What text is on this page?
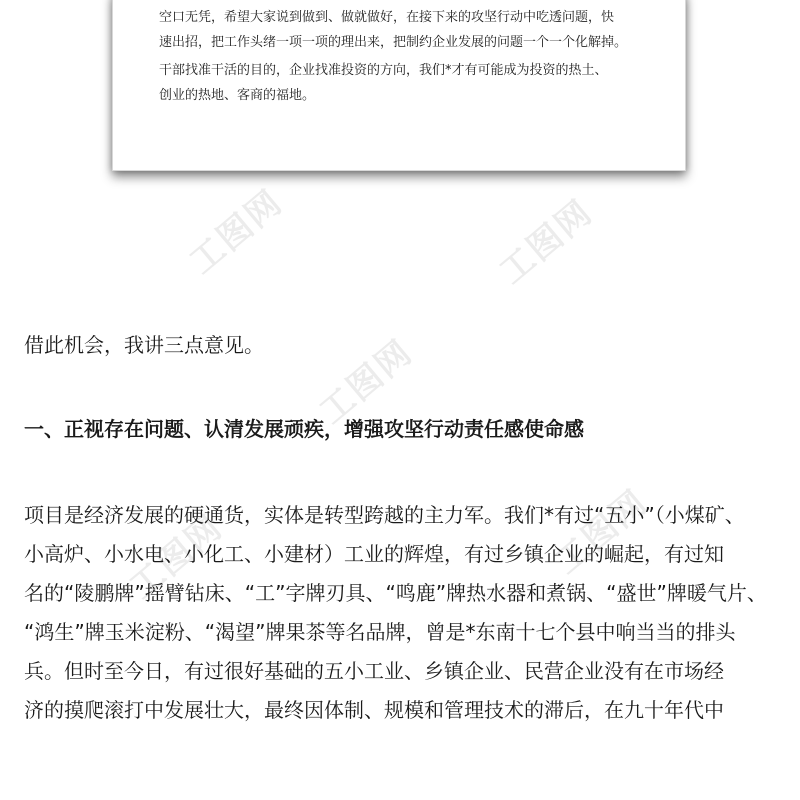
空口无凭，希望大家说到做到、做就做好，在接下来的攻坚行动中吃透问题，快

速出招，把工作头绪一项一项的理出来，把制约企业发展的问题一个一个化解掉。

干部找准干活的目的，企业找准投资的方向，我们*才有可能成为投资的热土、

创业的热地、客商的福地。

工图网	工图网
工图网
工图网	工图网

借此机会，我讲三点意见。

一、正视存在问题、认清发展顽疾，增强攻坚行动责任感使命感

项目是经济发展的硬通货，实体是转型跨越的主力军。我们*有过“五小”（小煤矿、
小高炉、小水电、小化工、小建材）工业的辉煌，有过乡镇企业的崛起，有过知
名的“陵鹏牌”摇臂钻床、“工”字牌刃具、“鸣鹿”牌热水器和煮锅、“盛世”牌暖气片、
“鸿生”牌玉米淀粉、“渴望”牌果茶等名品牌，曾是*东南十七个县中响当当的排头
兵。但时至今日，有过很好基础的五小工业、乡镇企业、民营企业没有在市场经
济的摸爬滚打中发展壮大，最终因体制、规模和管理技术的滞后，在九十年代中
